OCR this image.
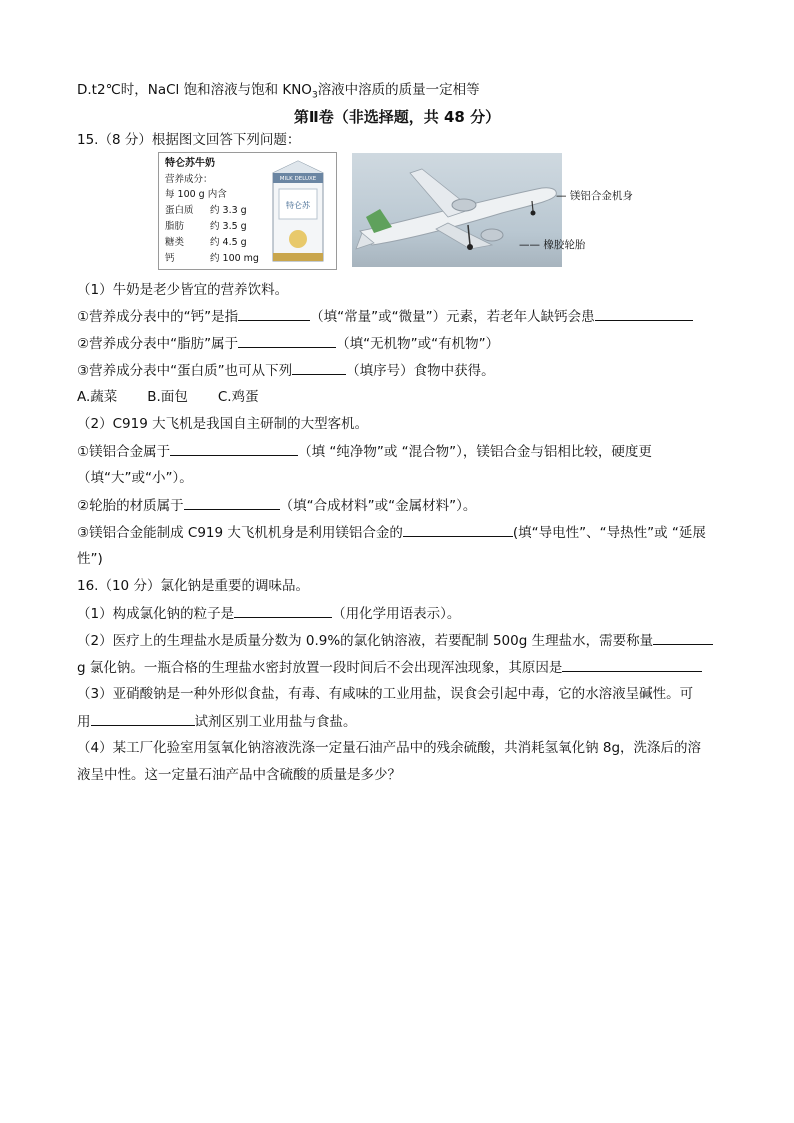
D.t2℃时，NaCl 饱和溶液与饱和 $KNO_3$溶液中溶质的质量一定相等
第Ⅱ卷（非选择题，共 48 分）
15.（8 分）根据图文回答下列问题：
特仑苏牛奶
营养成分：
每 100 g 内含
蛋白质 约 3.3 g
脂肪	约 3.5 g
糖类	约 4.5 g
钙	约 100 mg
MILK DELUXE
特仑苏
— 镁铝合金机身
—— 橡胶轮胎
（1）牛奶是老少皆宜的营养饮料。
①营养成分表中的“钙”是指	（填“常量”或“微量”）元素，若老年人缺钙会患
②营养成分表中“脂肪”属于	（填“无机物”或“有机物”）
③营养成分表中“蛋白质”也可从下列	（填序号）食物中获得。
A.蔬菜 B.面包 C.鸡蛋
（2）C919 大飞机是我国自主研制的大型客机。
①镁铝合金属于	（填 “纯净物”或 “混合物”），镁铝合金与铝相比较，硬度更
（填“大”或“小”）。
②轮胎的材质属于	（填“合成材料”或“金属材料”）。
③镁铝合金能制成 C919 大飞机机身是利用镁铝合金的	(填“导电性”、“导热性”或 “延展
性”)
16.（10 分）氯化钠是重要的调味品。
（1）构成氯化钠的粒子是	（用化学用语表示）。
（2）医疗上的生理盐水是质量分数为 0.9%的氯化钠溶液，若要配制 500g 生理盐水，需要称量
g 氯化钠。一瓶合格的生理盐水密封放置一段时间后不会出现浑浊现象，其原因是
（3）亚硝酸钠是一种外形似食盐，有毒、有咸味的工业用盐，误食会引起中毒，它的水溶液呈碱性。可
用	试剂区别工业用盐与食盐。
（4）某工厂化验室用氢氧化钠溶液洗涤一定量石油产品中的残余硫酸，共消耗氢氧化钠 8g，洗涤后的溶
液呈中性。这一定量石油产品中含硫酸的质量是多少？
